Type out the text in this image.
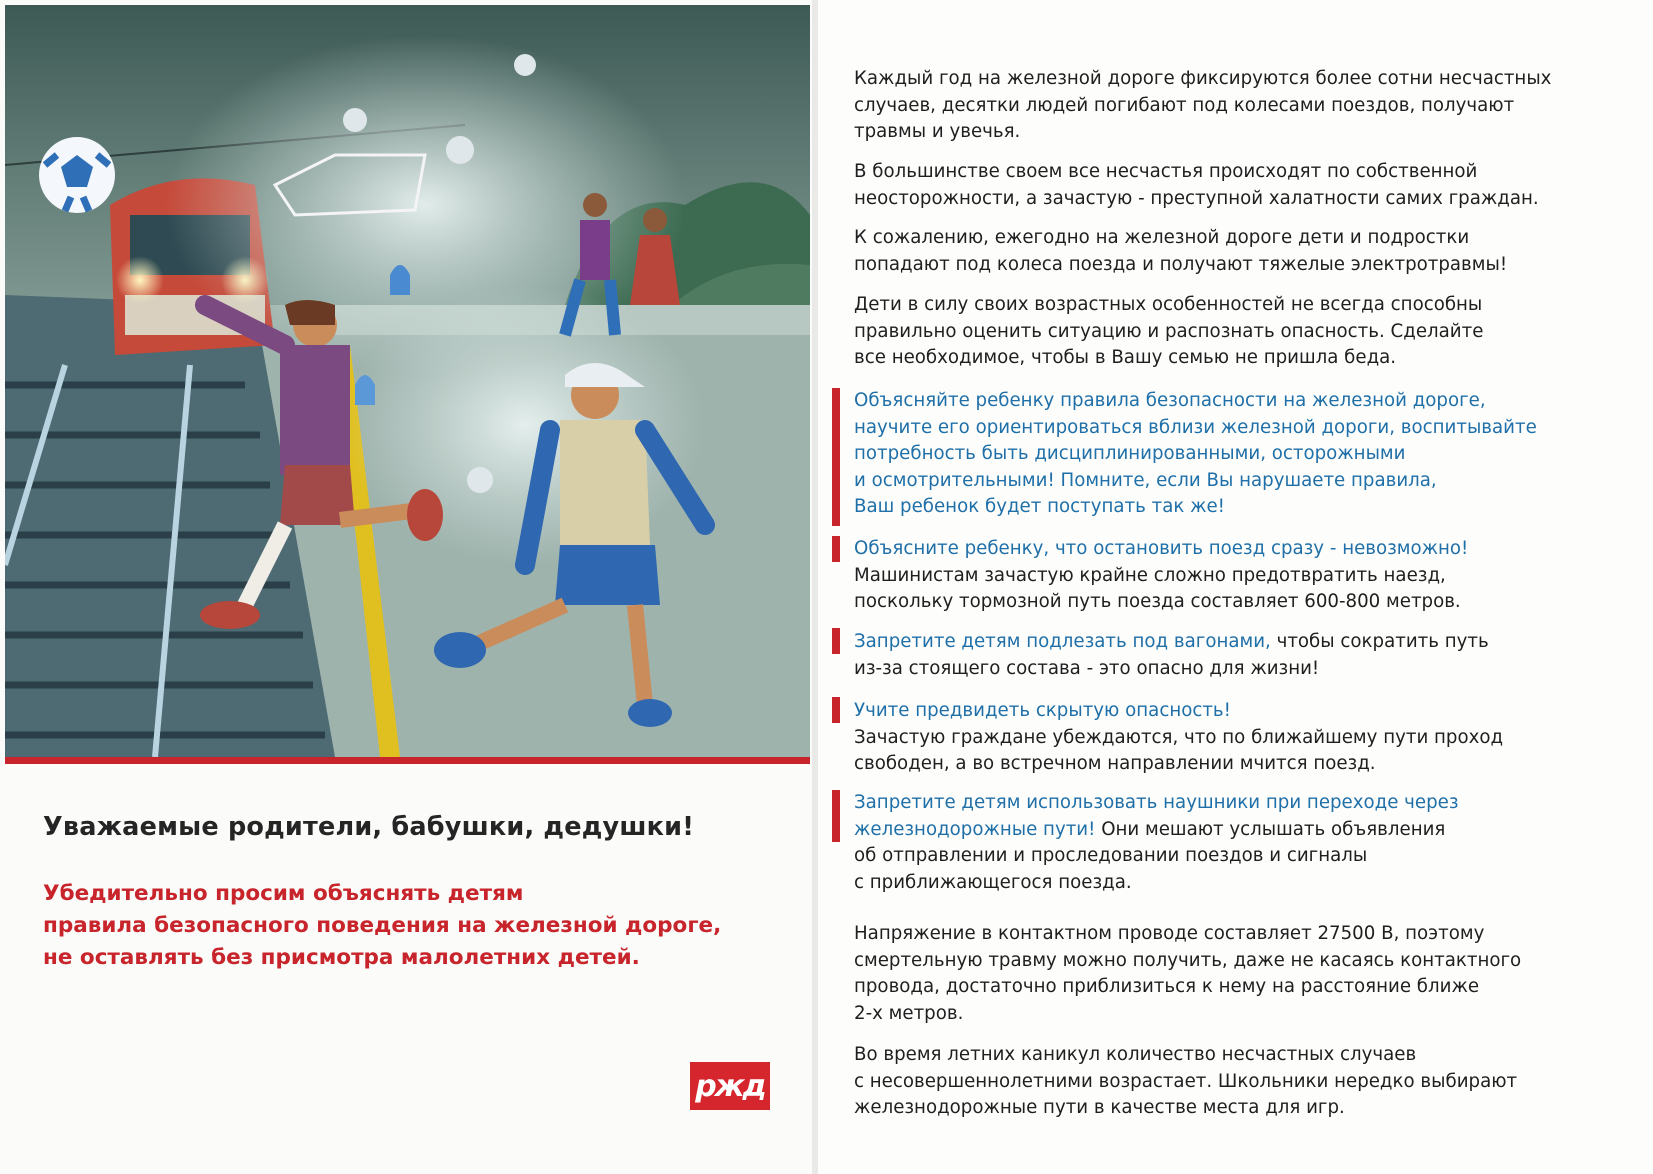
Уважаемые родители, бабушки, дедушки!
Убедительно просим объяснять детям
правила безопасного поведения на железной дороге,
не оставлять без присмотра малолетних детей.
ржд
Каждый год на железной дороге фиксируются более сотни несчастных
случаев, десятки людей погибают под колесами поездов, получают
травмы и увечья.
В большинстве своем все несчастья происходят по собственной
неосторожности, а зачастую - преступной халатности самих граждан.
К сожалению, ежегодно на железной дороге дети и подростки
попадают под колеса поезда и получают тяжелые электротравмы!
Дети в силу своих возрастных особенностей не всегда способны
правильно оценить ситуацию и распознать опасность. Сделайте
все необходимое, чтобы в Вашу семью не пришла беда.
Объясняйте ребенку правила безопасности на железной дороге,
научите его ориентироваться вблизи железной дороги, воспитывайте
потребность быть дисциплинированными, осторожными
и осмотрительными! Помните, если Вы нарушаете правила,
Ваш ребенок будет поступать так же!
Объясните ребенку, что остановить поезд сразу - невозможно!
Машинистам зачастую крайне сложно предотвратить наезд,
поскольку тормозной путь поезда составляет 600-800 метров.
Запретите детям подлезать под вагонами, чтобы сократить путь
из-за стоящего состава - это опасно для жизни!
Учите предвидеть скрытую опасность!
Зачастую граждане убеждаются, что по ближайшему пути проход
свободен, а во встречном направлении мчится поезд.
Запретите детям использовать наушники при переходе через
железнодорожные пути! Они мешают услышать объявления
об отправлении и проследовании поездов и сигналы
с приближающегося поезда.
Напряжение в контактном проводе составляет 27500 В, поэтому
смертельную травму можно получить, даже не касаясь контактного
провода, достаточно приблизиться к нему на расстояние ближе
2-х метров.
Во время летних каникул количество несчастных случаев
с несовершеннолетними возрастает. Школьники нередко выбирают
железнодорожные пути в качестве места для игр.
